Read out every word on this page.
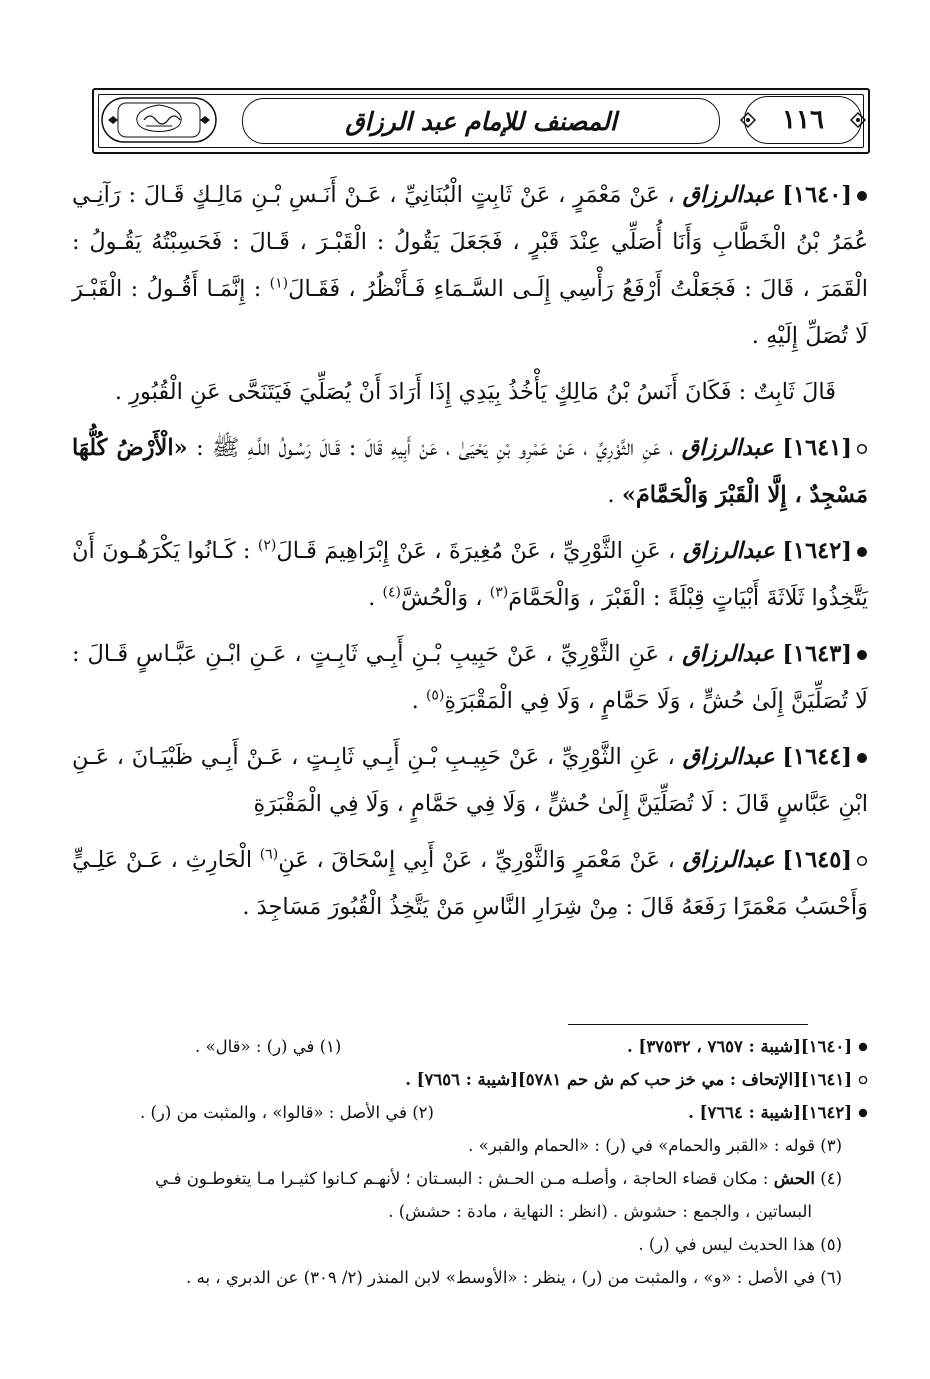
١١٦
المصنف للإمام عبد الرزاق

[١٦٤٠] عبدالرزاق ، عَنْ مَعْمَرٍ ، عَنْ ثَابِتٍ الْبُنَانِيِّ ، عَـنْ أَنَـسِ بْـنِ مَالِـكٍ قَـالَ : رَآنِـي عُمَرُ بْنُ الْخَطَّابِ وَأَنَا أُصَلِّي عِنْدَ قَبْرٍ ، فَجَعَلَ يَقُولُ : الْقَبْـرَ ، قَـالَ : فَحَسِبْتُهُ يَقُـولُ : الْقَمَرَ ، قَالَ : فَجَعَلْتُ أَرْفَعُ رَأْسِي إِلَـى السَّـمَاءِ فَـأَنْظُرُ ، فَقَـالَ$^{(١)}$ : إِنَّمَـا أَقُـولُ : الْقَبْـرَ لَا تُصَلِّ إِلَيْهِ .

قَالَ ثَابِتٌ : فَكَانَ أَنَسُ بْنُ مَالِكٍ يَأْخُذُ بِيَدِي إِذَا أَرَادَ أَنْ يُصَلِّيَ فَيَتَنَحَّى عَنِ الْقُبُورِ .

[١٦٤١] عبدالرزاق ، عَنِ الثَّوْرِيِّ ، عَنْ عَمْرِو بْنِ يَحْيَىٰ ، عَنْ أَبِيهِ قَالَ : قَـالَ رَسُـولُ اللَّـهِ ﷺ : «الْأَرْضُ كُلُّهَا مَسْجِدٌ ، إِلَّا الْقَبْرَ وَالْحَمَّامَ» .

[١٦٤٢] عبدالرزاق ، عَنِ الثَّوْرِيِّ ، عَنْ مُغِيرَةَ ، عَنْ إِبْرَاهِيمَ قَـالَ$^{(٢)}$ : كَـانُوا يَكْرَهُـونَ أَنْ يَتَّخِذُوا ثَلَاثَةَ أَبْيَاتٍ قِبْلَةً : الْقَبْرَ ، وَالْحَمَّامَ$^{(٣)}$ ، وَالْحُشَّ$^{(٤)}$ .

[١٦٤٣] عبدالرزاق ، عَنِ الثَّوْرِيِّ ، عَنْ حَبِيبِ بْـنِ أَبِـي ثَابِـتٍ ، عَـنِ ابْـنِ عَبَّـاسٍ قَـالَ : لَا تُصَلِّيَنَّ إِلَىٰ حُشٍّ ، وَلَا حَمَّامٍ ، وَلَا فِي الْمَقْبَرَةِ$^{(٥)}$ .

[١٦٤٤] عبدالرزاق ، عَنِ الثَّوْرِيِّ ، عَنْ حَبِيـبِ بْـنِ أَبِـي ثَابِـتٍ ، عَـنْ أَبِـي ظَبْيَـانَ ، عَـنِ ابْنِ عَبَّاسٍ قَالَ : لَا تُصَلِّيَنَّ إِلَىٰ حُشٍّ ، وَلَا فِي حَمَّامٍ ، وَلَا فِي الْمَقْبَرَةِ

[١٦٤٥] عبدالرزاق ، عَنْ مَعْمَرٍ وَالثَّوْرِيِّ ، عَنْ أَبِي إِسْحَاقَ ، عَنِ$^{(٦)}$ الْحَارِثِ ، عَـنْ عَلِـيٍّ وَأَحْسَبُ مَعْمَرًا رَفَعَهُ قَالَ : مِنْ شِرَارِ النَّاسِ مَنْ يَتَّخِذُ الْقُبُورَ مَسَاجِدَ .

[١٦٤٠][شيبة : ٧٦٥٧ ، ٣٧٥٣٢] .
(١) في (ر) : «قال» .
[١٦٤١][الإتحاف : مي خز حب كم ش حم ٥٧٨١][شيبة : ٧٦٥٦] .
[١٦٤٢][شيبة : ٧٦٦٤] .
(٢) في الأصل : «قالوا» ، والمثبت من (ر) .
(٣) قوله : «القبر والحمام» في (ر) : «الحمام والقبر» .
(٤) الحش : مكان قضاء الحاجة ، وأصلـه مـن الحـش : البسـتان ؛ لأنهـم كـانوا كثيـرا مـا يتغوطـون فـي
البساتين ، والجمع : حشوش . (انظر : النهاية ، مادة : حشش) .
(٥) هذا الحديث ليس في (ر) .
(٦) في الأصل : «و» ، والمثبت من (ر) ، ينظر : «الأوسط» لابن المنذر (٢/ ٣٠٩) عن الدبري ، به .
